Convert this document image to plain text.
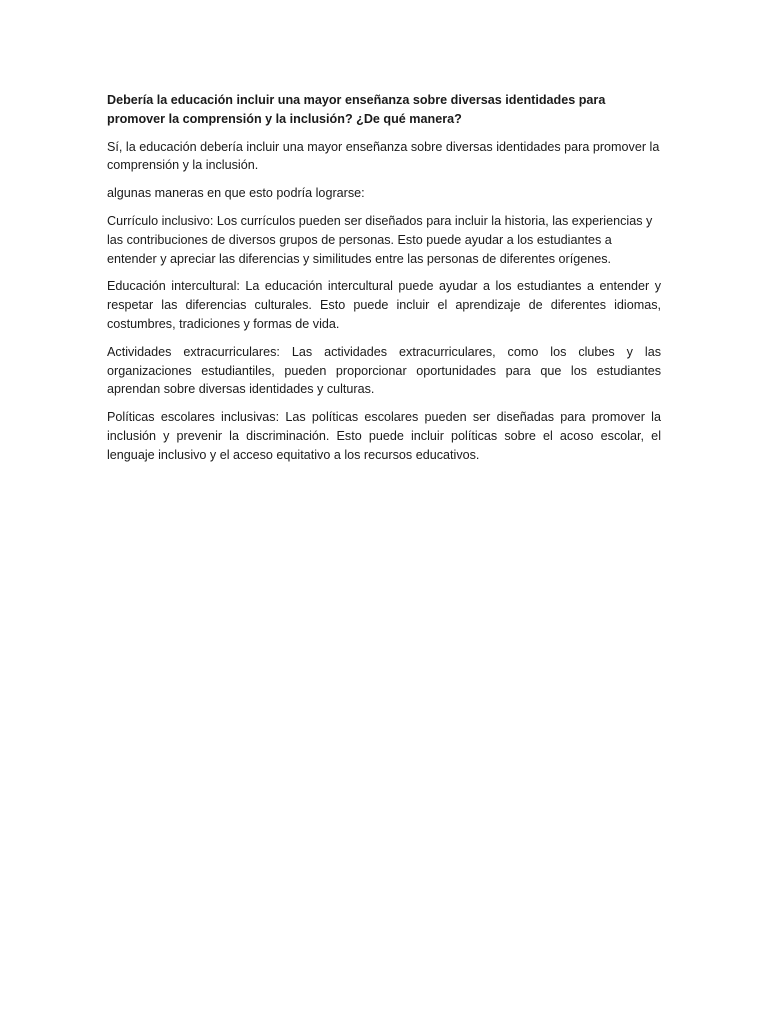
Debería la educación incluir una mayor enseñanza sobre diversas identidades para promover la comprensión y la inclusión? ¿De qué manera?

Sí, la educación debería incluir una mayor enseñanza sobre diversas identidades para promover la comprensión y la inclusión.

algunas maneras en que esto podría lograrse:

Currículo inclusivo: Los currículos pueden ser diseñados para incluir la historia, las experiencias y las contribuciones de diversos grupos de personas. Esto puede ayudar a los estudiantes a entender y apreciar las diferencias y similitudes entre las personas de diferentes orígenes.

Educación intercultural: La educación intercultural puede ayudar a los estudiantes a entender y respetar las diferencias culturales. Esto puede incluir el aprendizaje de diferentes idiomas, costumbres, tradiciones y formas de vida.

Actividades extracurriculares: Las actividades extracurriculares, como los clubes y las organizaciones estudiantiles, pueden proporcionar oportunidades para que los estudiantes aprendan sobre diversas identidades y culturas.

Políticas escolares inclusivas: Las políticas escolares pueden ser diseñadas para promover la inclusión y prevenir la discriminación. Esto puede incluir políticas sobre el acoso escolar, el lenguaje inclusivo y el acceso equitativo a los recursos educativos.
